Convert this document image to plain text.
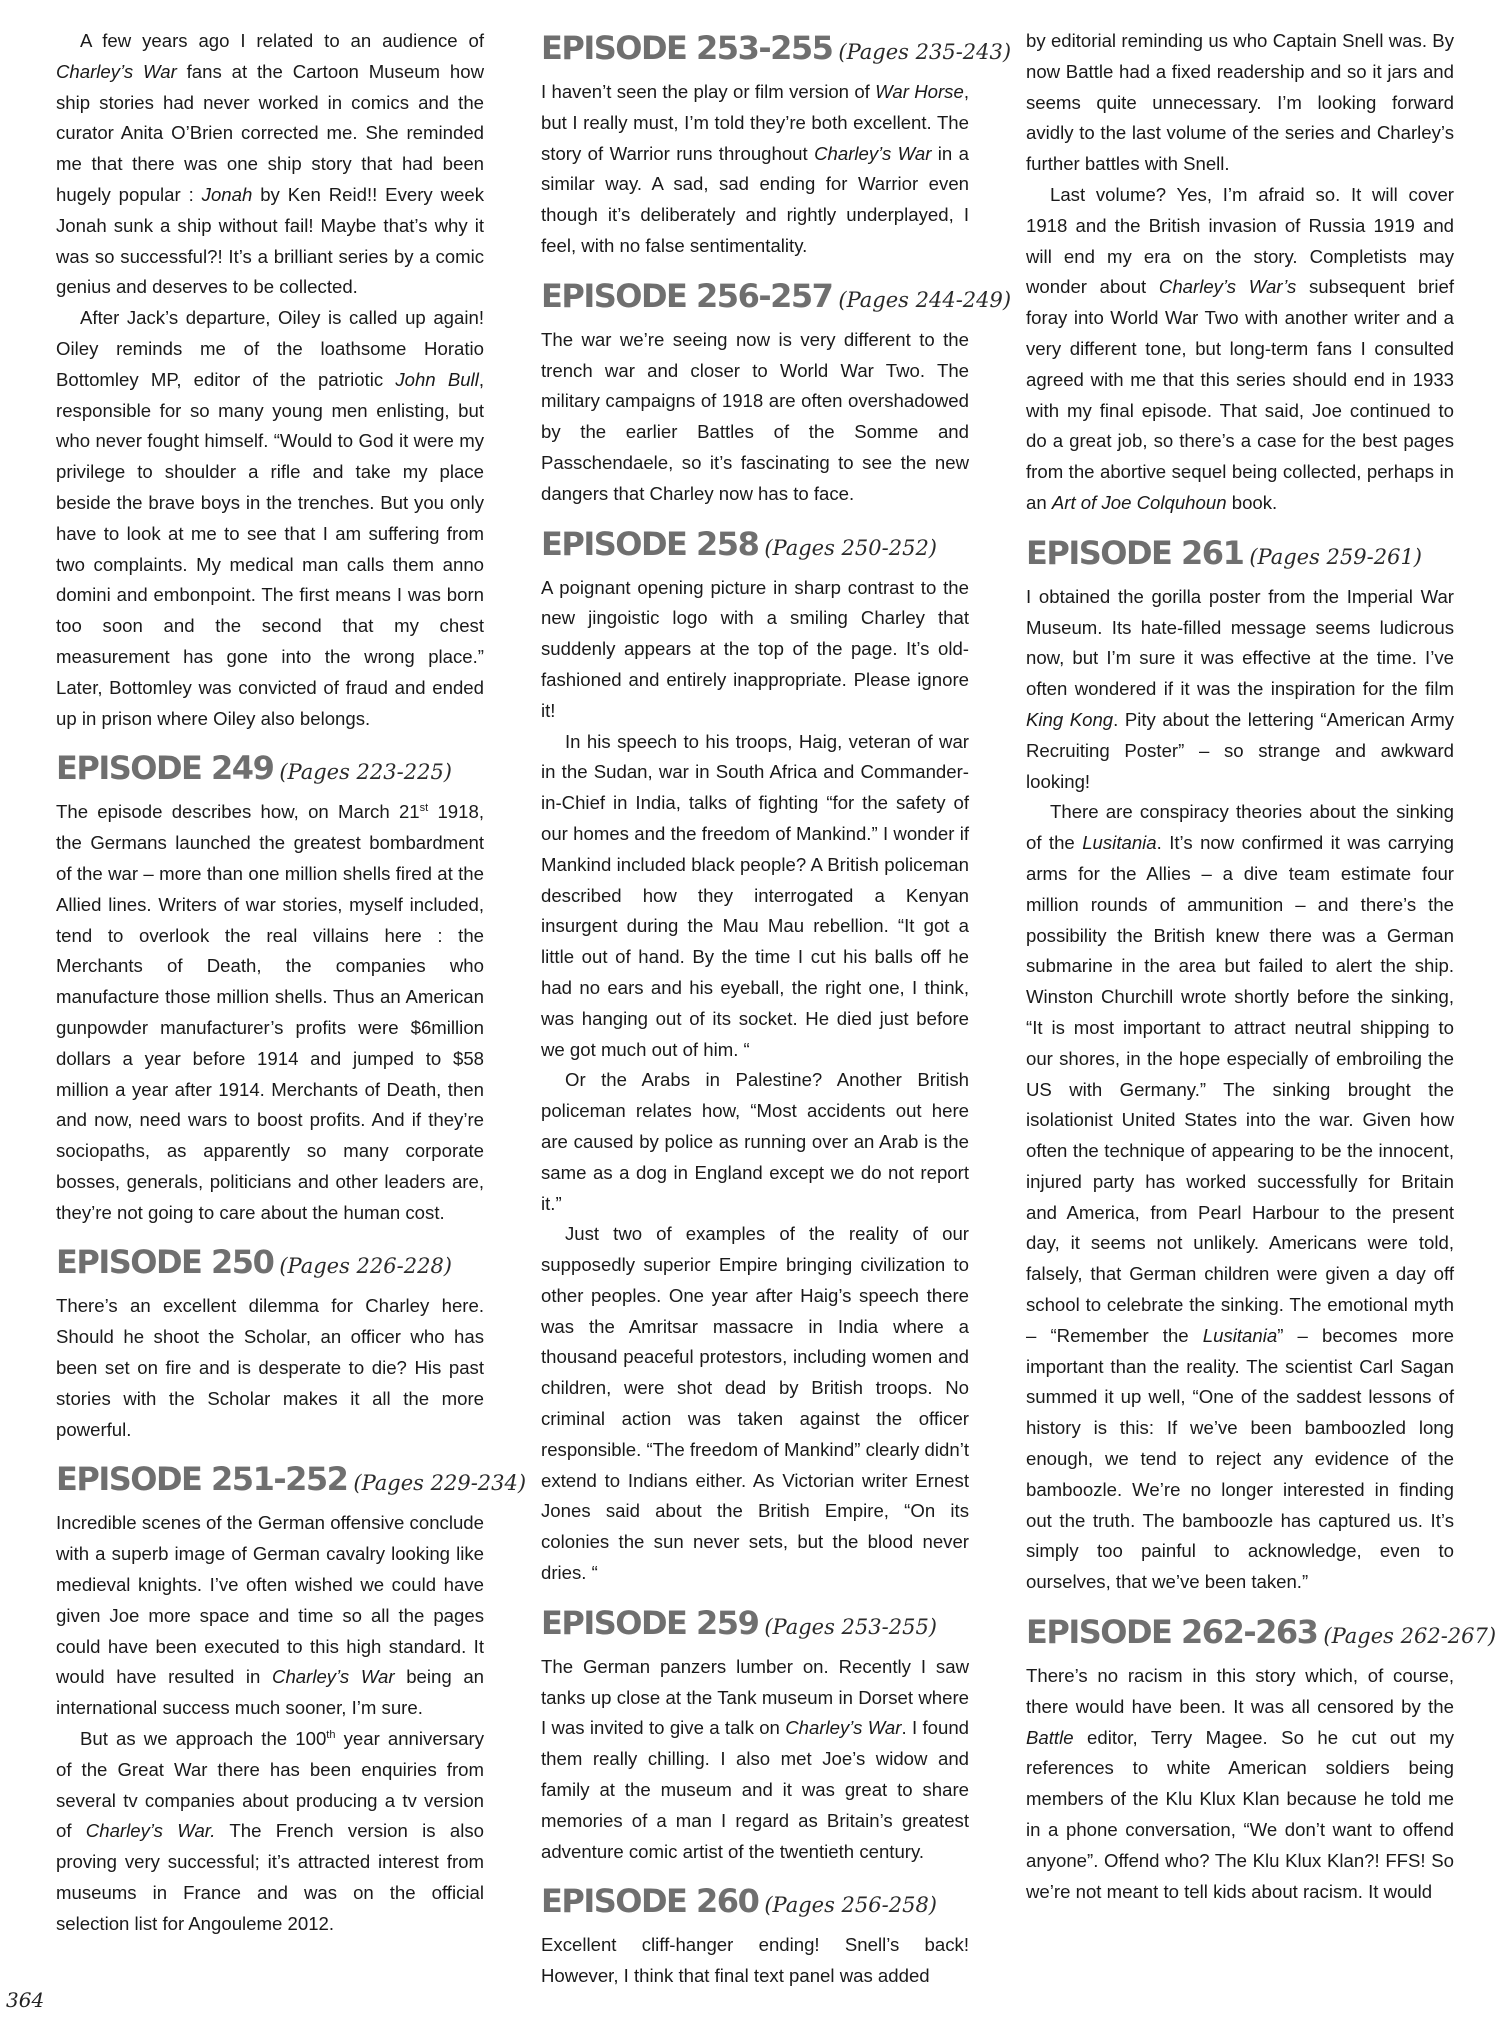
A few years ago I related to an audience of Charley’s War fans at the Cartoon Museum how ship stories had never worked in comics and the curator Anita O’Brien corrected me. She reminded me that there was one ship story that had been hugely popular : Jonah by Ken Reid!! Every week Jonah sunk a ship without fail! Maybe that’s why it was so successful?! It’s a brilliant series by a comic genius and deserves to be collected.

After Jack’s departure, Oiley is called up again! Oiley reminds me of the loathsome Horatio Bottomley MP, editor of the patriotic John Bull, responsible for so many young men enlisting, but who never fought himself. “Would to God it were my privilege to shoulder a rifle and take my place beside the brave boys in the trenches. But you only have to look at me to see that I am suffering from two complaints. My medical man calls them anno domini and embonpoint. The first means I was born too soon and the second that my chest measurement has gone into the wrong place.” Later, Bottomley was convicted of fraud and ended up in prison where Oiley also belongs.

EPISODE 249 (Pages 223-225)

The episode describes how, on March 21st 1918, the Germans launched the greatest bombardment of the war – more than one million shells fired at the Allied lines. Writers of war stories, myself included, tend to overlook the real villains here : the Merchants of Death, the companies who manufacture those million shells. Thus an American gunpowder manufacturer’s profits were $6million dollars a year before 1914 and jumped to $58 million a year after 1914. Merchants of Death, then and now, need wars to boost profits. And if they’re sociopaths, as apparently so many corporate bosses, generals, politicians and other leaders are, they’re not going to care about the human cost.

EPISODE 250 (Pages 226-228)

There’s an excellent dilemma for Charley here. Should he shoot the Scholar, an officer who has been set on fire and is desperate to die? His past stories with the Scholar makes it all the more powerful.

EPISODE 251-252 (Pages 229-234)

Incredible scenes of the German offensive conclude with a superb image of German cavalry looking like medieval knights. I’ve often wished we could have given Joe more space and time so all the pages could have been executed to this high standard. It would have resulted in Charley’s War being an international success much sooner, I’m sure.

But as we approach the 100th year anniversary of the Great War there has been enquiries from several tv companies about producing a tv version of Charley’s War. The French version is also proving very successful; it’s attracted interest from museums in France and was on the official selection list for Angouleme 2012.

EPISODE 253-255 (Pages 235-243)

I haven’t seen the play or film version of War Horse, but I really must, I’m told they’re both excellent. The story of Warrior runs throughout Charley’s War in a similar way. A sad, sad ending for Warrior even though it’s deliberately and rightly underplayed, I feel, with no false sentimentality.

EPISODE 256-257 (Pages 244-249)

The war we’re seeing now is very different to the trench war and closer to World War Two. The military campaigns of 1918 are often overshadowed by the earlier Battles of the Somme and Passchendaele, so it’s fascinating to see the new dangers that Charley now has to face.

EPISODE 258 (Pages 250-252)

A poignant opening picture in sharp contrast to the new jingoistic logo with a smiling Charley that suddenly appears at the top of the page. It’s old-fashioned and entirely inappropriate. Please ignore it!

In his speech to his troops, Haig, veteran of war in the Sudan, war in South Africa and Commander-in-Chief in India, talks of fighting “for the safety of our homes and the freedom of Mankind.” I wonder if Mankind included black people? A British policeman described how they interrogated a Kenyan insurgent during the Mau Mau rebellion. “It got a little out of hand. By the time I cut his balls off he had no ears and his eyeball, the right one, I think, was hanging out of its socket. He died just before we got much out of him. “

Or the Arabs in Palestine? Another British policeman relates how, “Most accidents out here are caused by police as running over an Arab is the same as a dog in England except we do not report it.”

Just two of examples of the reality of our supposedly superior Empire bringing civilization to other peoples. One year after Haig’s speech there was the Amritsar massacre in India where a thousand peaceful protestors, including women and children, were shot dead by British troops. No criminal action was taken against the officer responsible. “The freedom of Mankind” clearly didn’t extend to Indians either. As Victorian writer Ernest Jones said about the British Empire, “On its colonies the sun never sets, but the blood never dries. “

EPISODE 259 (Pages 253-255)

The German panzers lumber on. Recently I saw tanks up close at the Tank museum in Dorset where I was invited to give a talk on Charley’s War. I found them really chilling. I also met Joe’s widow and family at the museum and it was great to share memories of a man I regard as Britain’s greatest adventure comic artist of the twentieth century.

EPISODE 260 (Pages 256-258)

Excellent cliff-hanger ending! Snell’s back! However, I think that final text panel was added

by editorial reminding us who Captain Snell was. By now Battle had a fixed readership and so it jars and seems quite unnecessary. I’m looking forward avidly to the last volume of the series and Charley’s further battles with Snell.

Last volume? Yes, I’m afraid so. It will cover 1918 and the British invasion of Russia 1919 and will end my era on the story. Completists may wonder about Charley’s War’s subsequent brief foray into World War Two with another writer and a very different tone, but long-term fans I consulted agreed with me that this series should end in 1933 with my final episode. That said, Joe continued to do a great job, so there’s a case for the best pages from the abortive sequel being collected, perhaps in an Art of Joe Colquhoun book.

EPISODE 261 (Pages 259-261)

I obtained the gorilla poster from the Imperial War Museum. Its hate-filled message seems ludicrous now, but I’m sure it was effective at the time. I’ve often wondered if it was the inspiration for the film King Kong. Pity about the lettering “American Army Recruiting Poster” – so strange and awkward looking!

There are conspiracy theories about the sinking of the Lusitania. It’s now confirmed it was carrying arms for the Allies – a dive team estimate four million rounds of ammunition – and there’s the possibility the British knew there was a German submarine in the area but failed to alert the ship. Winston Churchill wrote shortly before the sinking, “It is most important to attract neutral shipping to our shores, in the hope especially of embroiling the US with Germany.” The sinking brought the isolationist United States into the war. Given how often the technique of appearing to be the innocent, injured party has worked successfully for Britain and America, from Pearl Harbour to the present day, it seems not unlikely. Americans were told, falsely, that German children were given a day off school to celebrate the sinking. The emotional myth – “Remember the Lusitania” – becomes more important than the reality. The scientist Carl Sagan summed it up well, “One of the saddest lessons of history is this: If we’ve been bamboozled long enough, we tend to reject any evidence of the bamboozle. We’re no longer interested in finding out the truth. The bamboozle has captured us. It’s simply too painful to acknowledge, even to ourselves, that we’ve been taken.”

EPISODE 262-263 (Pages 262-267)

There’s no racism in this story which, of course, there would have been. It was all censored by the Battle editor, Terry Magee. So he cut out my references to white American soldiers being members of the Klu Klux Klan because he told me in a phone conversation, “We don’t want to offend anyone”. Offend who? The Klu Klux Klan?! FFS! So we’re not meant to tell kids about racism. It would

364
